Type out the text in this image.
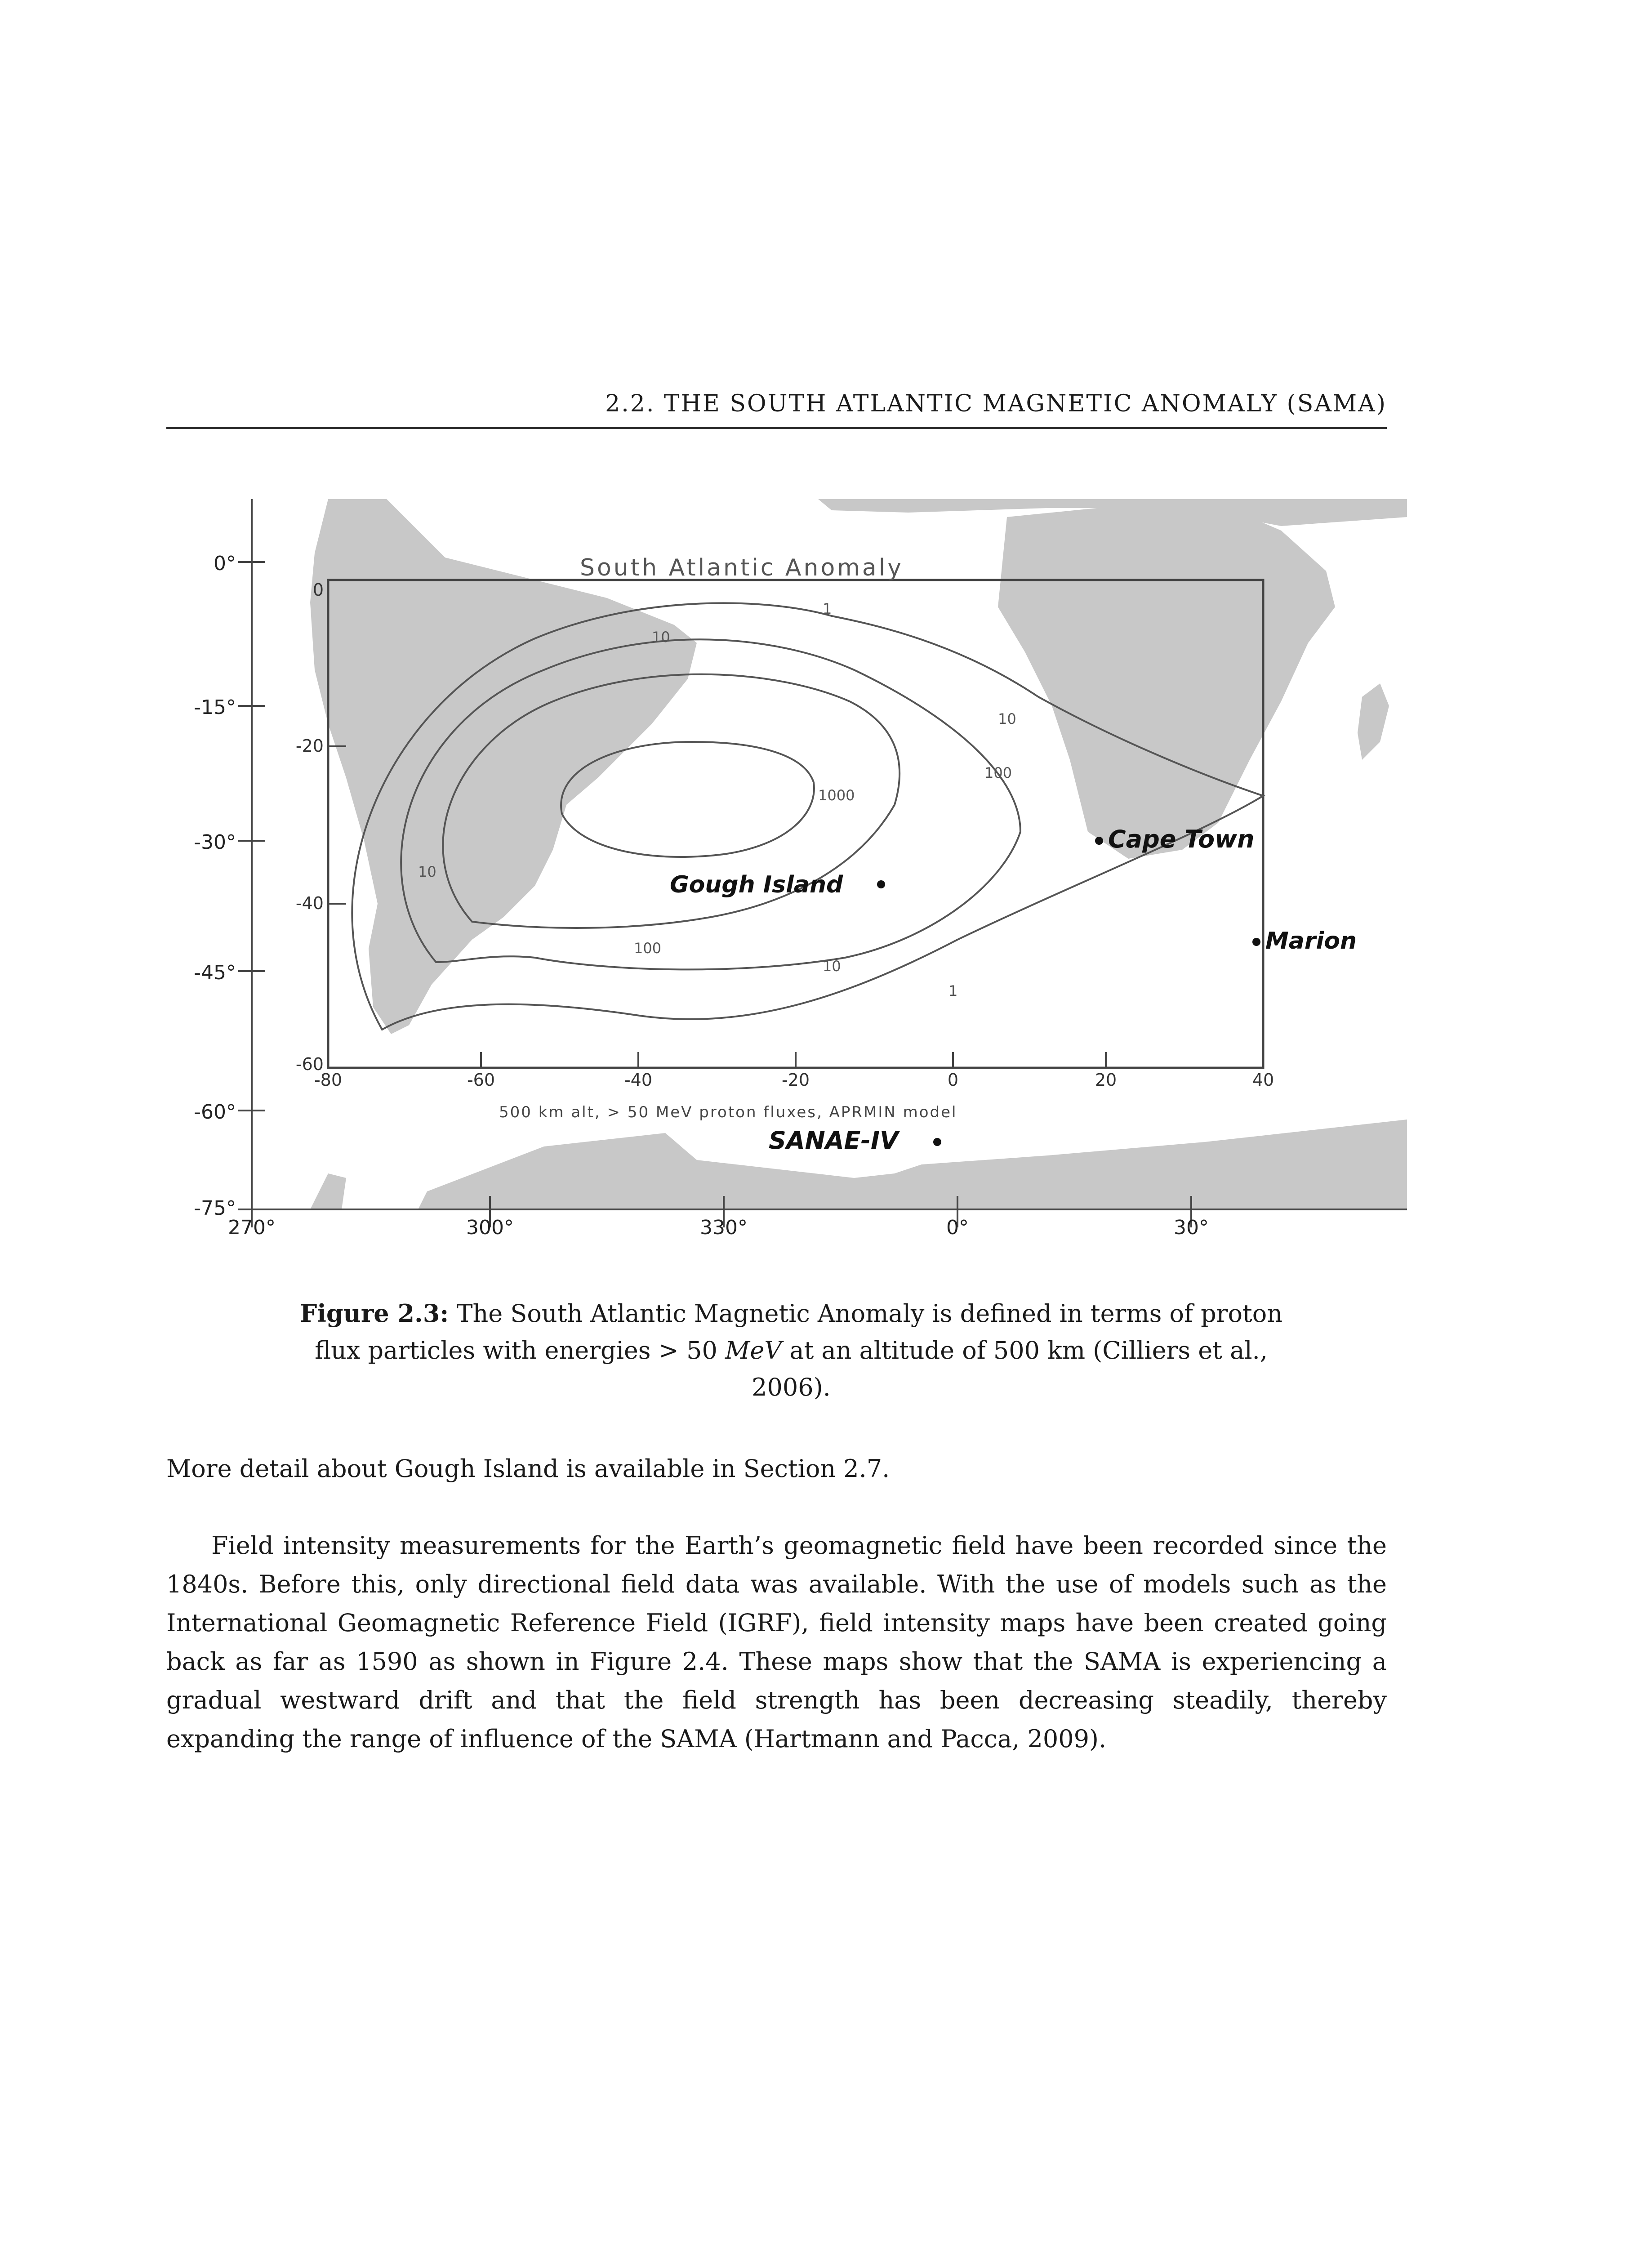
2.2. THE SOUTH ATLANTIC MAGNETIC ANOMALY (SAMA)
0°
-15°
-30°
-45°
-60°
-75°
270°	300°	330°	0°	30°
South Atlantic Anomaly
0
-20
-40
-60
-80	-60	-40	-20	0	20	40
1
10
100
1000
10
100
10
1
10
Cape Town
Gough Island
Marion
500 km alt, > 50 MeV proton fluxes, APRMIN model
SANAE-IV
Figure 2.3: The South Atlantic Magnetic Anomaly is defined in terms of proton flux particles with energies > 50 MeV at an altitude of 500 km (Cilliers et al., 2006).
More detail about Gough Island is available in Section 2.7.
Field intensity measurements for the Earth’s geomagnetic field have been recorded since the 1840s. Before this, only directional field data was available. With the use of models such as the International Geomagnetic Reference Field (IGRF), field intensity maps have been created going back as far as 1590 as shown in Figure 2.4. These maps show that the SAMA is experiencing a gradual westward drift and that the field strength has been decreasing steadily, thereby expanding the range of influence of the SAMA (Hartmann and Pacca, 2009).
